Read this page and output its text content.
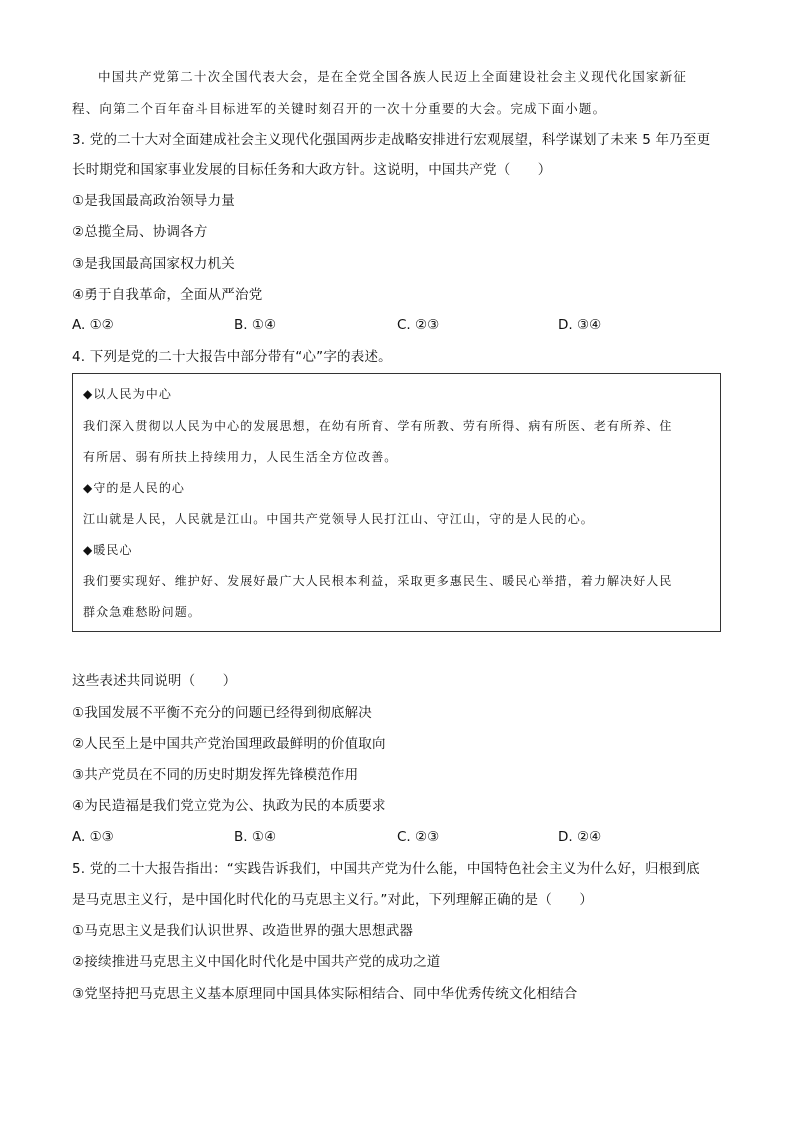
中国共产党第二十次全国代表大会，是在全党全国各族人民迈上全面建设社会主义现代化国家新征
程、向第二个百年奋斗目标进军的关键时刻召开的一次十分重要的大会。完成下面小题。
3. 党的二十大对全面建成社会主义现代化强国两步走战略安排进行宏观展望，科学谋划了未来 5 年乃至更
长时期党和国家事业发展的目标任务和大政方针。这说明，中国共产党（　　）
①是我国最高政治领导力量
②总揽全局、协调各方
③是我国最高国家权力机关
④勇于自我革命，全面从严治党
A. ①②	B. ①④	C. ②③	D. ③④
4. 下列是党的二十大报告中部分带有“心”字的表述。
◆以人民为中心
我们深入贯彻以人民为中心的发展思想，在幼有所育、学有所教、劳有所得、病有所医、老有所养、住
有所居、弱有所扶上持续用力，人民生活全方位改善。
◆守的是人民的心
江山就是人民，人民就是江山。中国共产党领导人民打江山、守江山，守的是人民的心。
◆暖民心
我们要实现好、维护好、发展好最广大人民根本利益，采取更多惠民生、暖民心举措，着力解决好人民
群众急难愁盼问题。
这些表述共同说明（　　）
①我国发展不平衡不充分的问题已经得到彻底解决
②人民至上是中国共产党治国理政最鲜明的价值取向
③共产党员在不同的历史时期发挥先锋模范作用
④为民造福是我们党立党为公、执政为民的本质要求
A. ①③	B. ①④	C. ②③	D. ②④
5. 党的二十大报告指出：“实践告诉我们，中国共产党为什么能，中国特色社会主义为什么好，归根到底
是马克思主义行，是中国化时代化的马克思主义行。”对此，下列理解正确的是（　　）
①马克思主义是我们认识世界、改造世界的强大思想武器
②接续推进马克思主义中国化时代化是中国共产党的成功之道
③党坚持把马克思主义基本原理同中国具体实际相结合、同中华优秀传统文化相结合
